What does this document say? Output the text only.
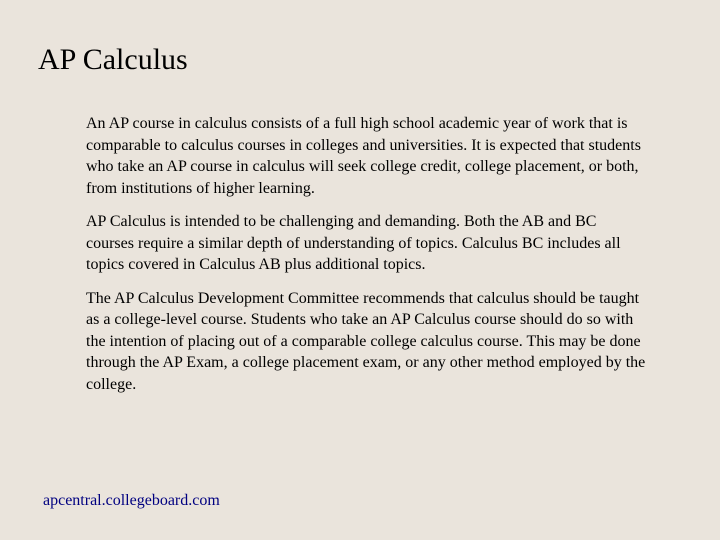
AP Calculus

An AP course in calculus consists of a full high school academic year of work that is comparable to calculus courses in colleges and universities. It is expected that students who take an AP course in calculus will seek college credit, college placement, or both, from institutions of higher learning.

AP Calculus is intended to be challenging and demanding. Both the AB and BC courses require a similar depth of understanding of topics. Calculus BC includes all topics covered in Calculus AB plus additional topics.

The AP Calculus Development Committee recommends that calculus should be taught as a college-level course. Students who take an AP Calculus course should do so with the intention of placing out of a comparable college calculus course. This may be done through the AP Exam, a college placement exam, or any other method employed by the college.

apcentral.collegeboard.com
